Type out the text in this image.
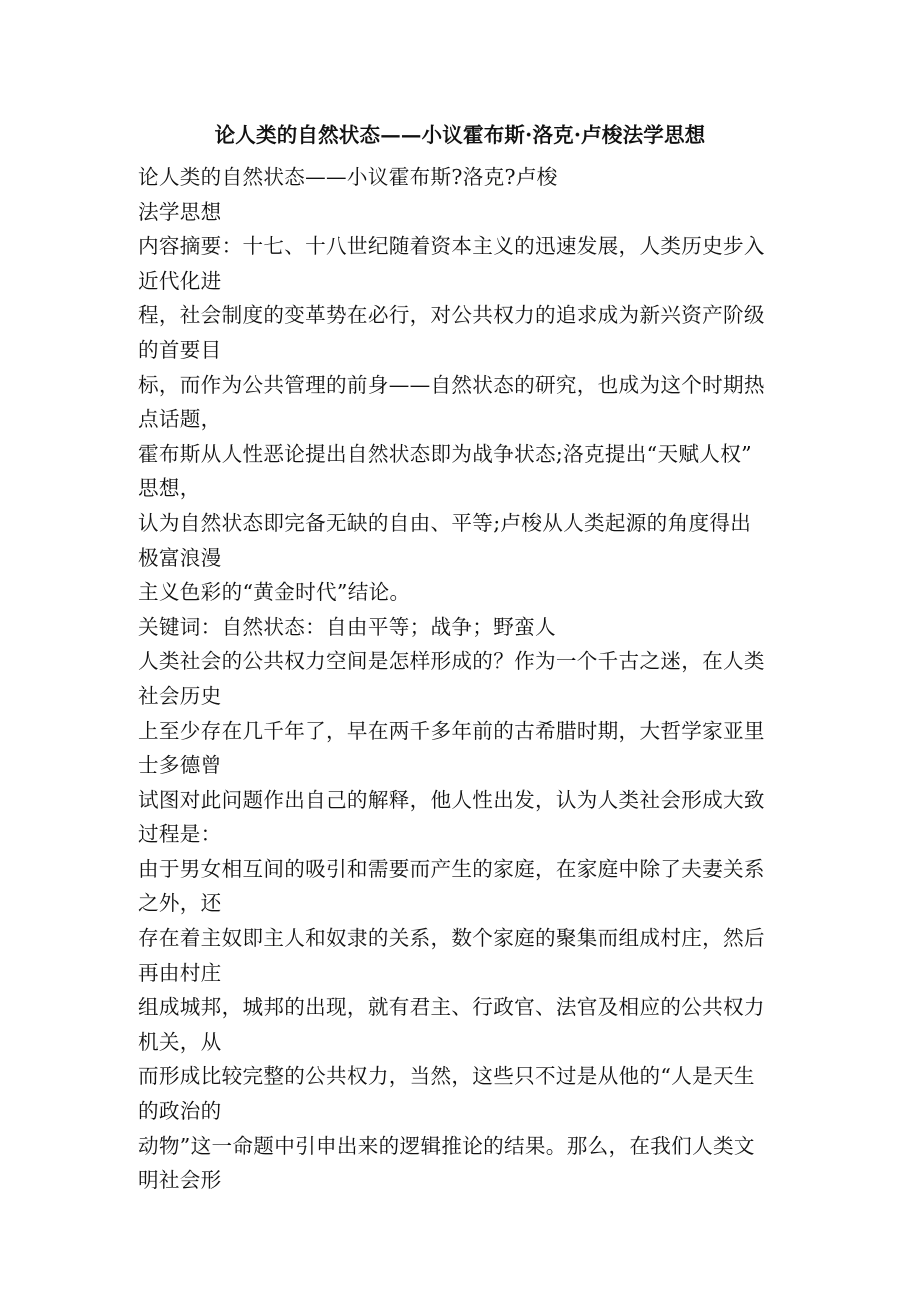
论人类的自然状态——小议霍布斯·洛克·卢梭法学思想
论人类的自然状态——小议霍布斯?洛克?卢梭
法学思想
内容摘要：十七、十八世纪随着资本主义的迅速发展，人类历史步入
近代化进
程，社会制度的变革势在必行，对公共权力的追求成为新兴资产阶级
的首要目
标，而作为公共管理的前身——自然状态的研究，也成为这个时期热
点话题，
霍布斯从人性恶论提出自然状态即为战争状态;洛克提出“天赋人权”
思想，
认为自然状态即完备无缺的自由、平等;卢梭从人类起源的角度得出
极富浪漫
主义色彩的“黄金时代”结论。
关键词：自然状态：自由平等；战争；野蛮人
人类社会的公共权力空间是怎样形成的？作为一个千古之迷，在人类
社会历史
上至少存在几千年了，早在两千多年前的古希腊时期，大哲学家亚里
士多德曾
试图对此问题作出自己的解释，他人性出发，认为人类社会形成大致
过程是：
由于男女相互间的吸引和需要而产生的家庭，在家庭中除了夫妻关系
之外，还
存在着主奴即主人和奴隶的关系，数个家庭的聚集而组成村庄，然后
再由村庄
组成城邦，城邦的出现，就有君主、行政官、法官及相应的公共权力
机关，从
而形成比较完整的公共权力，当然，这些只不过是从他的“人是天生
的政治的
动物”这一命题中引申出来的逻辑推论的结果。那么，在我们人类文
明社会形
